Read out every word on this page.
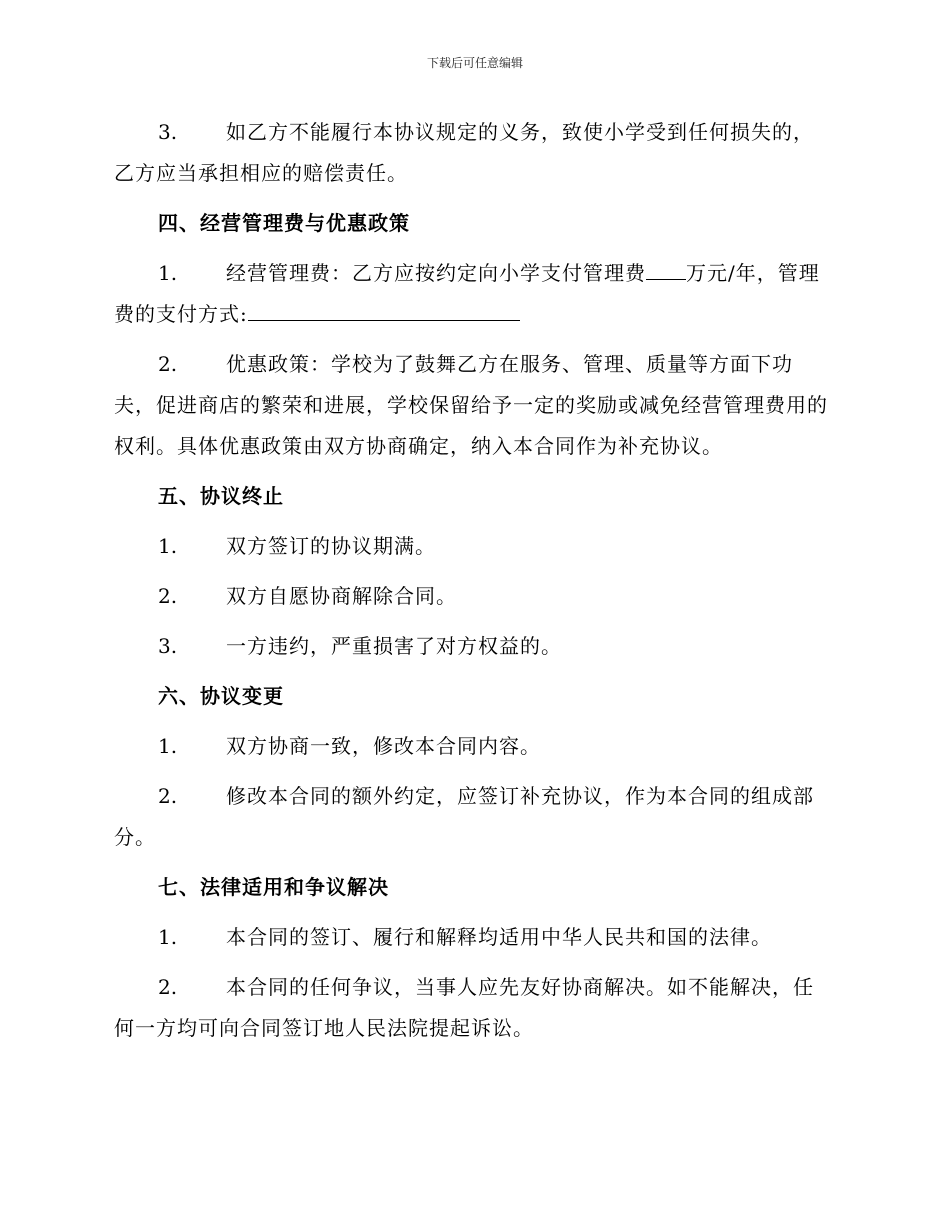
下载后可任意编辑
3. 如乙方不能履行本协议规定的义务，致使小学受到任何损失的，乙方应当承担相应的赔偿责任。
四、经营管理费与优惠政策
1. 经营管理费：乙方应按约定向小学支付管理费 万元/年，管理费的支付方式:
2. 优惠政策：学校为了鼓舞乙方在服务、管理、质量等方面下功夫，促进商店的繁荣和进展，学校保留给予一定的奖励或减免经营管理费用的权利。具体优惠政策由双方协商确定，纳入本合同作为补充协议。
五、协议终止
1. 双方签订的协议期满。
2. 双方自愿协商解除合同。
3. 一方违约，严重损害了对方权益的。
六、协议变更
1. 双方协商一致，修改本合同内容。
2. 修改本合同的额外约定，应签订补充协议，作为本合同的组成部分。
七、法律适用和争议解决
1. 本合同的签订、履行和解释均适用中华人民共和国的法律。
2. 本合同的任何争议，当事人应先友好协商解决。如不能解决，任何一方均可向合同签订地人民法院提起诉讼。
